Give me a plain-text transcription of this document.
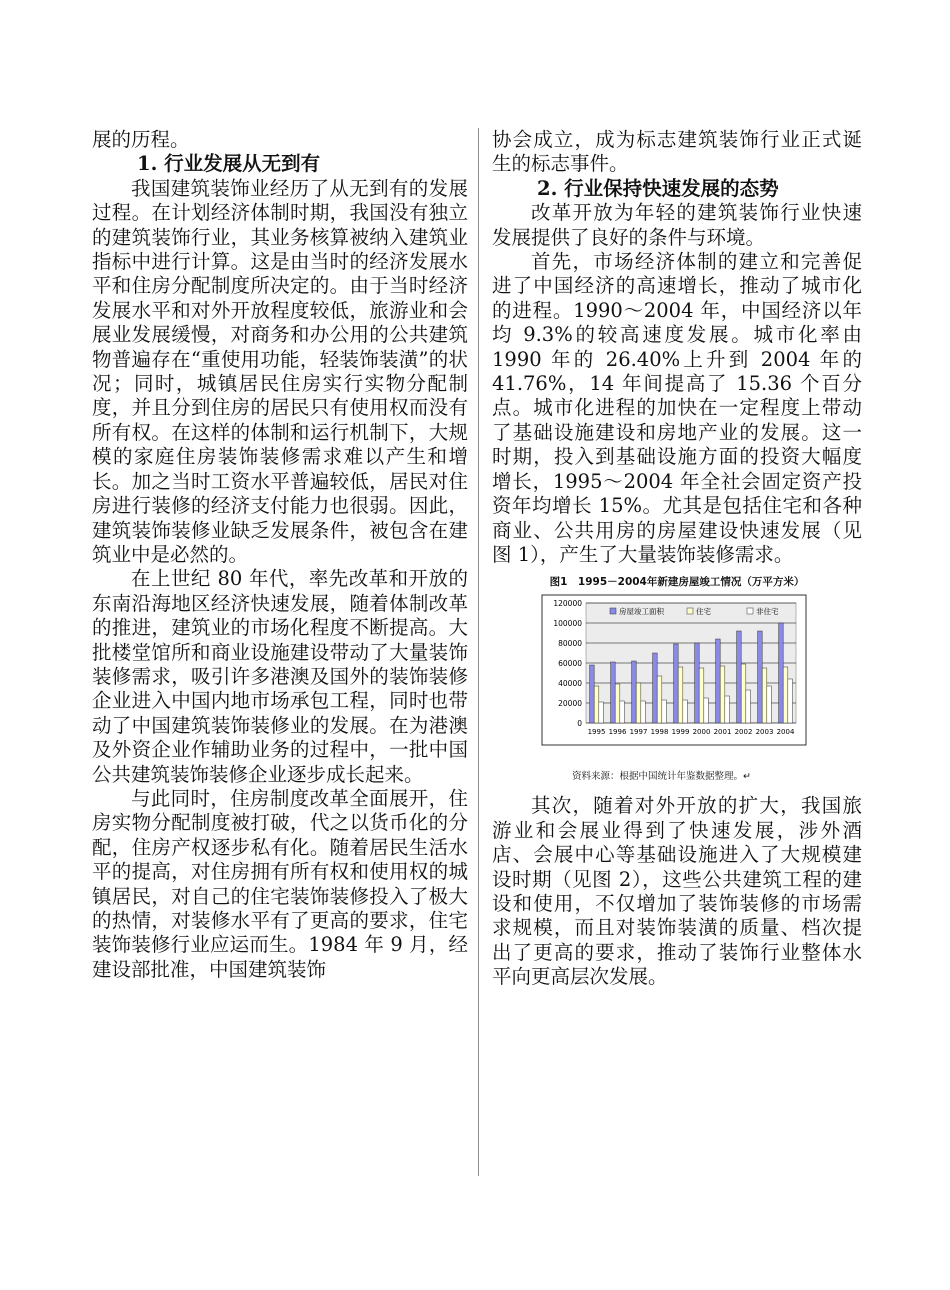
展的历程。

1. 行业发展从无到有

我国建筑装饰业经历了从无到有的发展过程。在计划经济体制时期，我国没有独立的建筑装饰行业，其业务核算被纳入建筑业指标中进行计算。这是由当时的经济发展水平和住房分配制度所决定的。由于当时经济发展水平和对外开放程度较低，旅游业和会展业发展缓慢，对商务和办公用的公共建筑物普遍存在“重使用功能，轻装饰装潢”的状况；同时，城镇居民住房实行实物分配制度，并且分到住房的居民只有使用权而没有所有权。在这样的体制和运行机制下，大规模的家庭住房装饰装修需求难以产生和增长。加之当时工资水平普遍较低，居民对住房进行装修的经济支付能力也很弱。因此，建筑装饰装修业缺乏发展条件，被包含在建筑业中是必然的。

在上世纪 80 年代，率先改革和开放的东南沿海地区经济快速发展，随着体制改革的推进，建筑业的市场化程度不断提高。大批楼堂馆所和商业设施建设带动了大量装饰装修需求，吸引许多港澳及国外的装饰装修企业进入中国内地市场承包工程，同时也带动了中国建筑装饰装修业的发展。在为港澳及外资企业作辅助业务的过程中，一批中国公共建筑装饰装修企业逐步成长起来。

与此同时，住房制度改革全面展开，住房实物分配制度被打破，代之以货币化的分配，住房产权逐步私有化。随着居民生活水平的提高，对住房拥有所有权和使用权的城镇居民，对自己的住宅装饰装修投入了极大的热情，对装修水平有了更高的要求，住宅装饰装修行业应运而生。1984 年 9 月，经建设部批准，中国建筑装饰

协会成立，成为标志建筑装饰行业正式诞生的标志事件。

2. 行业保持快速发展的态势

改革开放为年轻的建筑装饰行业快速发展提供了良好的条件与环境。

首先，市场经济体制的建立和完善促进了中国经济的高速增长，推动了城市化的进程。1990～2004 年，中国经济以年均 9.3%的较高速度发展。城市化率由 1990 年的 26.40%上升到 2004 年的 41.76%，14 年间提高了 15.36 个百分点。城市化进程的加快在一定程度上带动了基础设施建设和房地产业的发展。这一时期，投入到基础设施方面的投资大幅度增长，1995～2004 年全社会固定资产投资年均增长 15%。尤其是包括住宅和各种商业、公共用房的房屋建设快速发展（见图 1），产生了大量装饰装修需求。

图1　1995－2004年新建房屋竣工情况（万平方米）
0
20000
40000
60000
80000
100000
120000
1995 1996 1997 1998 1999 2000 2001 2002 2003 2004
房屋竣工面积	住宅	非住宅
资料来源：根据中国统计年鉴数据整理。↵

其次，随着对外开放的扩大，我国旅游业和会展业得到了快速发展，涉外酒店、会展中心等基础设施进入了大规模建设时期（见图 2），这些公共建筑工程的建设和使用，不仅增加了装饰装修的市场需求规模，而且对装饰装潢的质量、档次提出了更高的要求，推动了装饰行业整体水平向更高层次发展。
